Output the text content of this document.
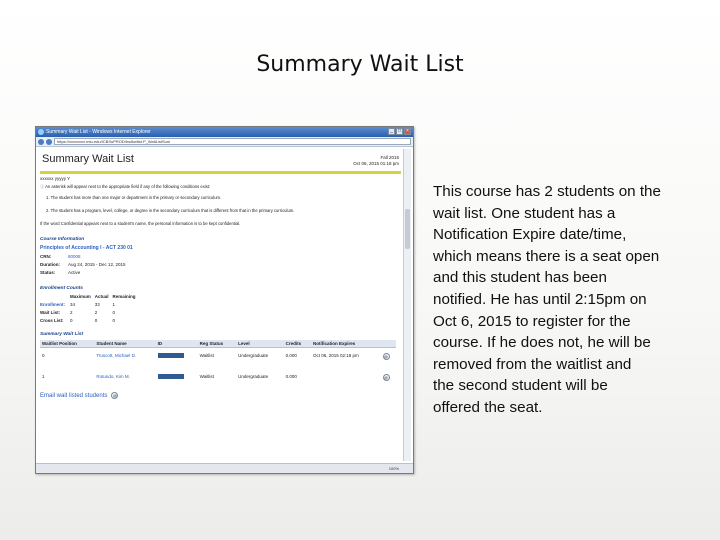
Summary Wait List
Summary Wait List - Windows Internet Explorer	_	□	×
https://xxxxxxxx.mtu.edu/ICBSuPROD/bwlkwtlst.P_WaitListSum
Summary Wait List	Fall 2015
Oct 06, 2015 01:18 pm
xxxxxx yyyyy Y
ⓘ An asterisk will appear next to the appropriate field if any of the following conditions exist:
1. The student has more than one major or department in the primary or secondary curriculum.
2. The student has a program, level, college, or degree in the secondary curriculum that is different from that in the primary curriculum.
If the word Confidential appears next to a student's name, the personal information is to be kept confidential.
Course Information
Principles of Accounting I - ACT 230 01
CRN:	80008
Duration:	Aug 24, 2015 - Dec 12, 2015
Status:	Active
Enrollment Counts
	Maximum	Actual	Remaining
Enrollment:	34	33	1
Wait List:	2	2	0
Cross List:	0	0	0
Summary Wait List
Waitlist Position	Student Name	ID	Reg Status	Level	Credits	Notification Expires	
0	Truscott, Michael D.		Waitlist	Undergraduate	0.000	Oct 06, 2015 02:18 pm	@
1	Rotundo, Kim M.		Waitlist	Undergraduate	0.000		@
Email wait listed students	@
100%
This course has 2 students on the
wait list. One student has a
Notification Expire date/time,
which means there is a seat open
and this student has been
notified. He has until 2:15pm on
Oct 6, 2015 to register for the
course. If he does not, he will be
removed from the waitlist and
the second student will be
offered the seat.
